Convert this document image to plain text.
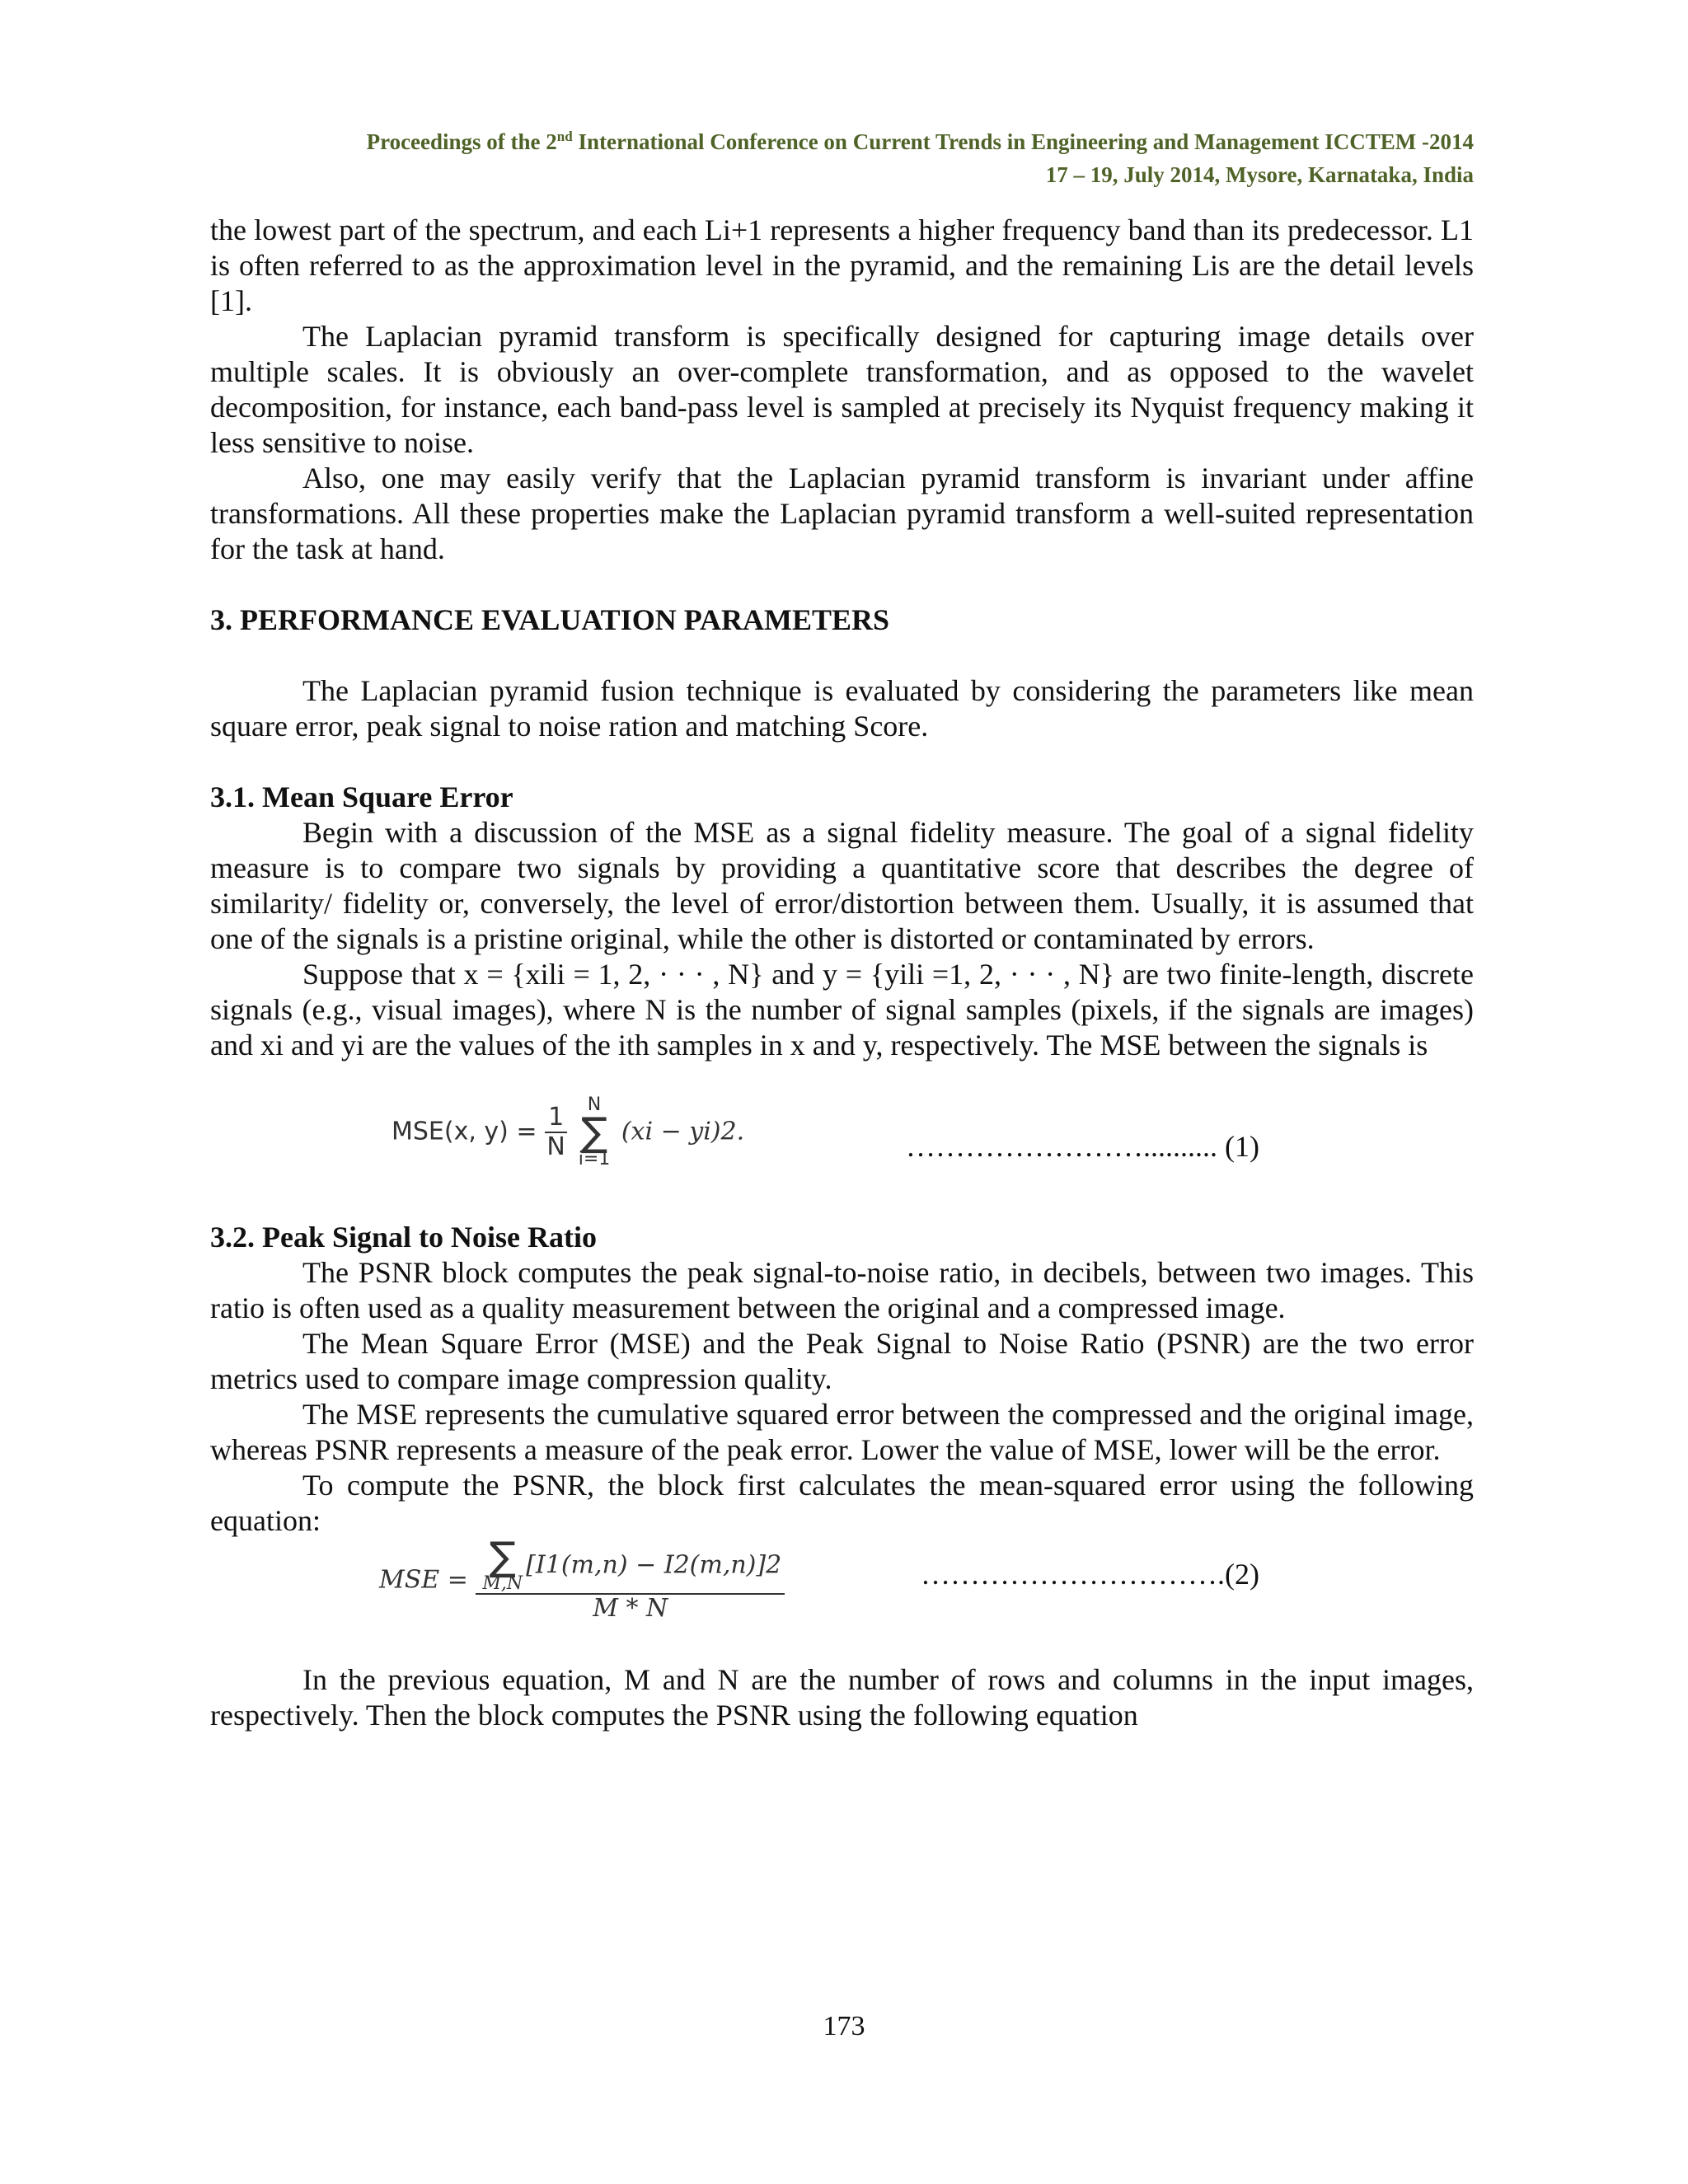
Proceedings of the 2nd International Conference on Current Trends in Engineering and Management ICCTEM -2014
17 – 19, July 2014, Mysore, Karnataka, India

the lowest part of the spectrum, and each Li+1 represents a higher frequency band than its predecessor. L1 is often referred to as the approximation level in the pyramid, and the remaining Lis are the detail levels [1].

The Laplacian pyramid transform is specifically designed for capturing image details over multiple scales. It is obviously an over-complete transformation, and as opposed to the wavelet decomposition, for instance, each band-pass level is sampled at precisely its Nyquist frequency making it less sensitive to noise.

Also, one may easily verify that the Laplacian pyramid transform is invariant under affine transformations. All these properties make the Laplacian pyramid transform a well-suited representation for the task at hand.

3. PERFORMANCE EVALUATION PARAMETERS

The Laplacian pyramid fusion technique is evaluated by considering the parameters like mean square error, peak signal to noise ration and matching Score.

3.1. Mean Square Error

Begin with a discussion of the MSE as a signal fidelity measure. The goal of a signal fidelity measure is to compare two signals by providing a quantitative score that describes the degree of similarity/ fidelity or, conversely, the level of error/distortion between them. Usually, it is assumed that one of the signals is a pristine original, while the other is distorted or contaminated by errors.

Suppose that x = {xili = 1, 2, · · · , N} and y = {yili =1, 2, · · · , N} are two finite-length, discrete signals (e.g., visual images), where N is the number of signal samples (pixels, if the signals are images) and xi and yi are the values of the ith samples in x and y, respectively. The MSE between the signals is

MSE(x, $y) = \frac{1}{N}$
N
∑
i=1
(xi − yi)2.	…………………….......... (1)
3.2. Peak Signal to Noise Ratio

The PSNR block computes the peak signal-to-noise ratio, in decibels, between two images. This ratio is often used as a quality measurement between the original and a compressed image.

The Mean Square Error (MSE) and the Peak Signal to Noise Ratio (PSNR) are the two error metrics used to compare image compression quality.

The MSE represents the cumulative squared error between the compressed and the original image, whereas PSNR represents a measure of the peak error. Lower the value of MSE, lower will be the error.

To compute the PSNR, the block first calculates the mean-squared error using the following equation:

MSE = ∑
M,N
[I1(m,n) − I2(m,n)]2
M * N	………………………….(2)

In the previous equation, M and N are the number of rows and columns in the input images, respectively. Then the block computes the PSNR using the following equation

173
